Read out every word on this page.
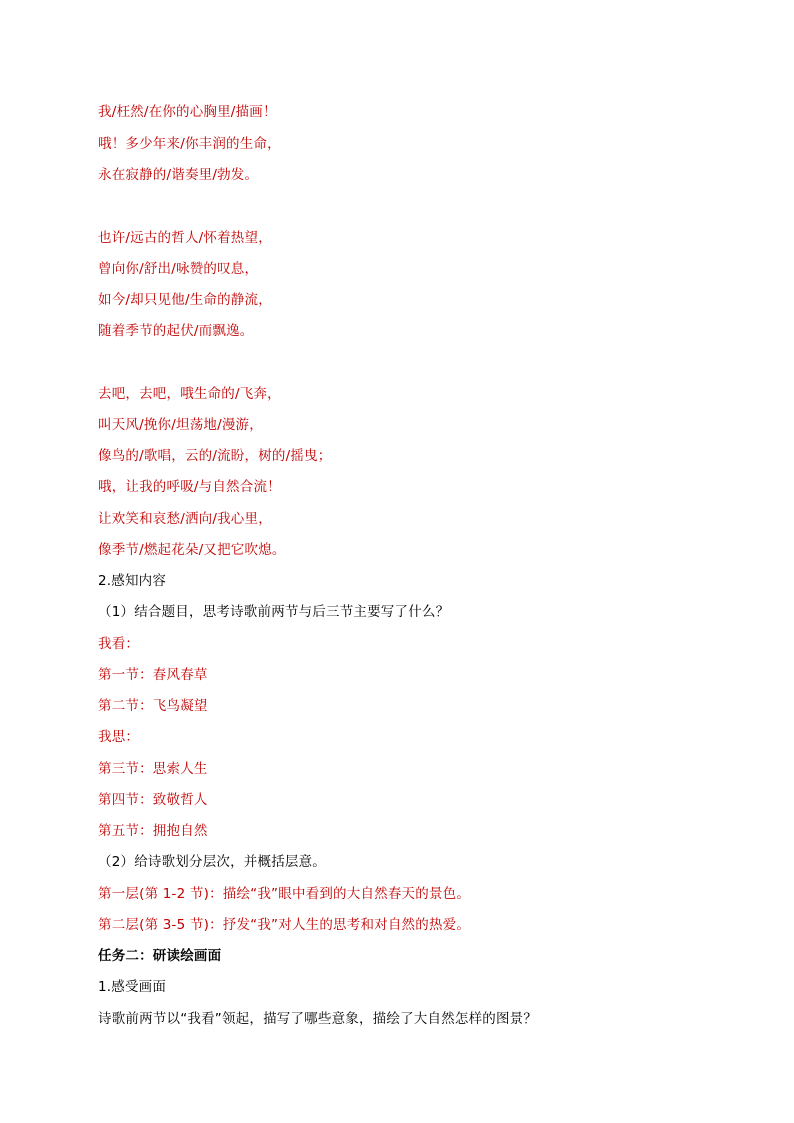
我/枉然/在你的心胸里/描画！
哦！多少年来/你丰润的生命，
永在寂静的/谐奏里/勃发。
也许/远古的哲人/怀着热望，
曾向你/舒出/咏赞的叹息，
如今/却只见他/生命的静流，
随着季节的起伏/而飘逸。
去吧，去吧，哦生命的/飞奔，
叫天风/挽你/坦荡地/漫游，
像鸟的/歌唱，云的/流盼，树的/摇曳；
哦，让我的呼吸/与自然合流！
让欢笑和哀愁/洒向/我心里，
像季节/燃起花朵/又把它吹熄。
2.感知内容
（1）结合题目，思考诗歌前两节与后三节主要写了什么？
我看：
第一节：春风春草
第二节：飞鸟凝望
我思：
第三节：思索人生
第四节：致敬哲人
第五节：拥抱自然
（2）给诗歌划分层次，并概括层意。
第一层(第 1-2 节)：描绘“我”眼中看到的大自然春天的景色。
第二层(第 3-5 节)：抒发“我”对人生的思考和对自然的热爱。
任务二：研读绘画面
1.感受画面
诗歌前两节以“我看”领起，描写了哪些意象，描绘了大自然怎样的图景？
